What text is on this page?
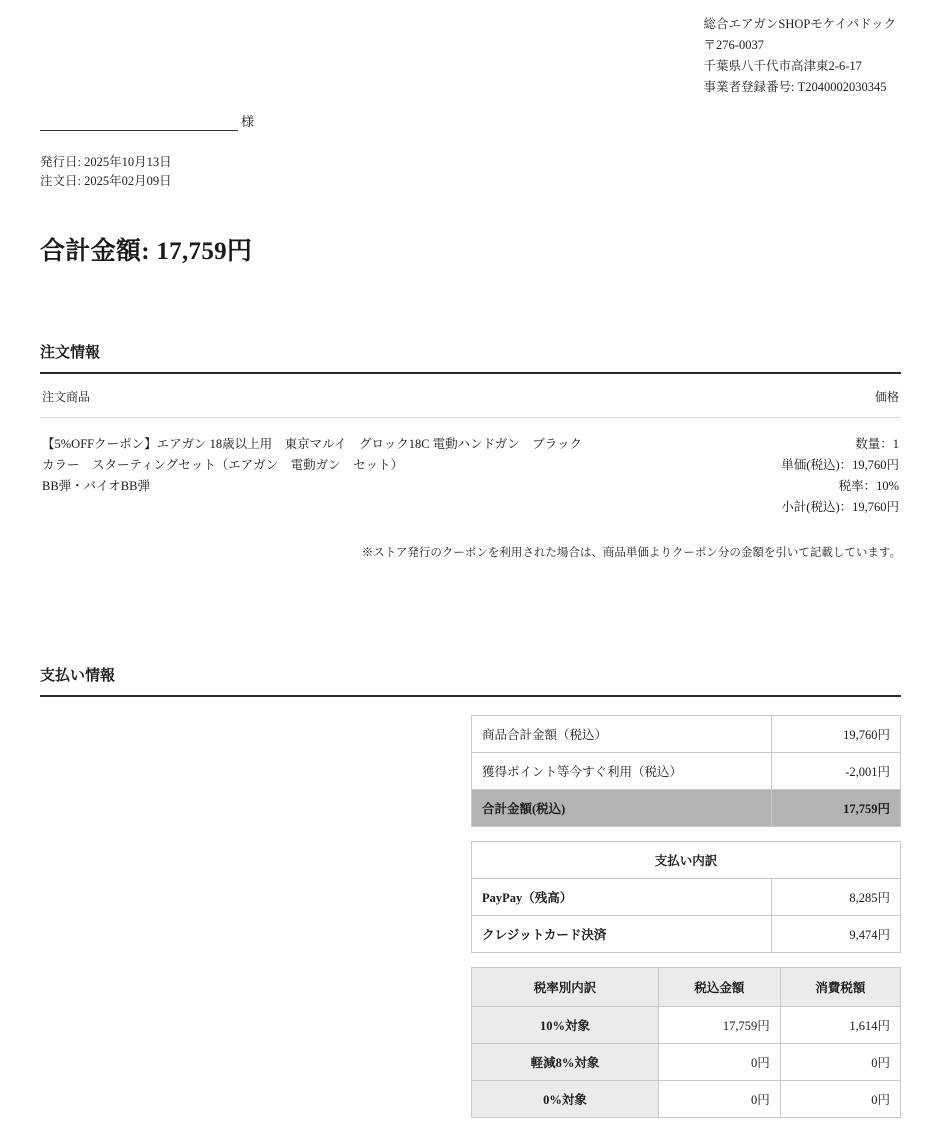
総合エアガンSHOPモケイパドック
〒276-0037
千葉県八千代市高津東2-6-17
事業者登録番号: T2040002030345
様
発行日: 2025年10月13日
注文日: 2025年02月09日
合計金額: 17,759円
注文情報
注文商品	価格
【5%OFFクーポン】エアガン 18歳以上用　東京マルイ　グロック18C 電動ハンドガン　ブラック
カラー　スターティングセット（エアガン　電動ガン　セット）
BB弾・バイオBB弾
数量：1
単価(税込)：19,760円
税率：10%
小計(税込)：19,760円
※ストア発行のクーポンを利用された場合は、商品単価よりクーポン分の金額を引いて記載しています。
支払い情報
商品合計金額（税込）	19,760円
獲得ポイント等今すぐ利用（税込）	-2,001円
合計金額(税込)	17,759円
支払い内訳	
PayPay（残高）	8,285円
クレジットカード決済	9,474円
税率別内訳	税込金額	消費税額
10%対象	17,759円	1,614円
軽減8%対象	0円	0円
0%対象	0円	0円
